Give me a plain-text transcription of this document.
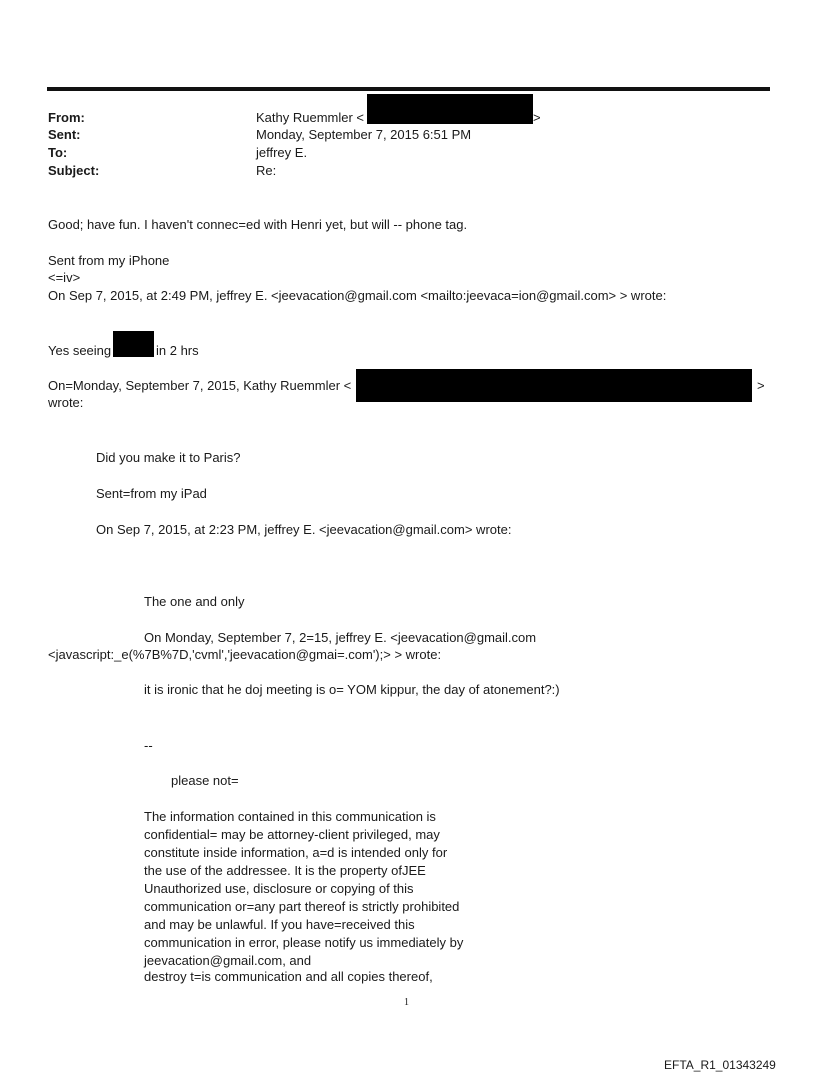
From:	Kathy Ruemmler <	>
Sent:	Monday, September 7, 2015 6:51 PM
To:	jeffrey E.
Subject:	Re:
Good; have fun. I haven't connec=ed with Henri yet, but will -- phone tag.
Sent from my iPhone
<=iv>
On Sep 7, 2015, at 2:49 PM, jeffrey E. <jeevacation@gmail.com <mailto:jeevaca=ion@gmail.com> > wrote:
Yes seeing	in 2 hrs
On=Monday, September 7, 2015, Kathy Ruemmler <	>
wrote:
Did you make it to Paris?
Sent=from my iPad
On Sep 7, 2015, at 2:23 PM, jeffrey E. <jeevacation@gmail.com> wrote:
The one and only
On Monday, September 7, 2=15, jeffrey E. <jeevacation@gmail.com
<javascript:_e(%7B%7D,'cvml','jeevacation@gmai=.com');> > wrote:
it is ironic that he doj meeting is o= YOM kippur, the day of atonement?:)
--
please not=
The information contained in this communication is
confidential= may be attorney-client privileged, may
constitute inside information, a=d is intended only for
the use of the addressee. It is the property ofJEE
Unauthorized use, disclosure or copying of this
communication or=any part thereof is strictly prohibited
and may be unlawful. If you have=received this
communication in error, please notify us immediately by
jeevacation@gmail.com, and
destroy t=is communication and all copies thereof,
1
EFTA_R1_01343249
